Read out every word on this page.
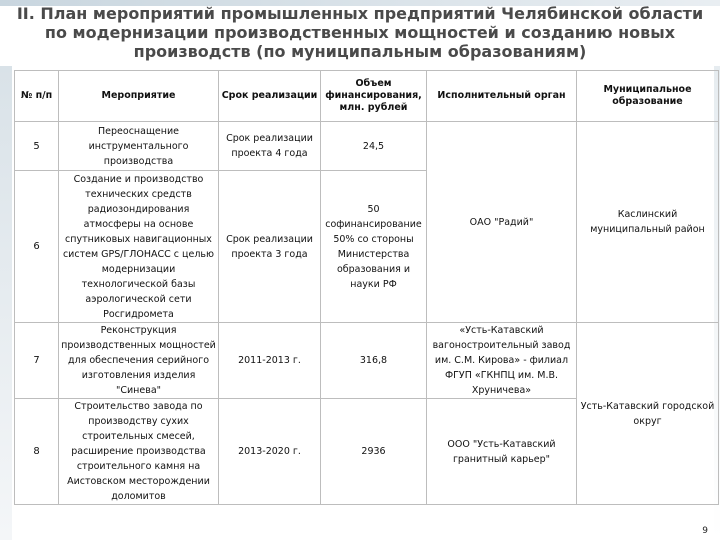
II. План мероприятий промышленных предприятий Челябинской области по модернизации производственных мощностей и созданию новых производств (по муниципальным образованиям)
№ п/п	Мероприятие	Срок реализации	Объем финансирования, млн. рублей	Исполнительный орган	Муниципальное образование
5	Переоснащение инструментального производства	Срок реализации проекта 4 года	24,5	ОАО "Радий"	Каслинский муниципальный район
6	Создание и производство технических средств радиозондирования атмосферы на основе спутниковых навигационных систем GPS/ГЛОНАСС с целью модернизации технологической базы аэрологической сети Росгидромета	Срок реализации проекта 3 года	50 софинансирование 50% со стороны Министерства образования и науки РФ		
7	Реконструкция производственных мощностей для обеспечения серийного изготовления изделия "Синева"	2011-2013 г.	316,8	«Усть-Катавский вагоностроительный завод им. С.М. Кирова» - филиал ФГУП «ГКНПЦ им. М.В. Хруничева»	Усть-Катавский городской округ
8	Строительство завода по производству сухих строительных смесей, расширение производства строительного камня на Аистовском месторождении доломитов	2013-2020 г.	2936	ООО "Усть-Катавский гранитный карьер"	
9
